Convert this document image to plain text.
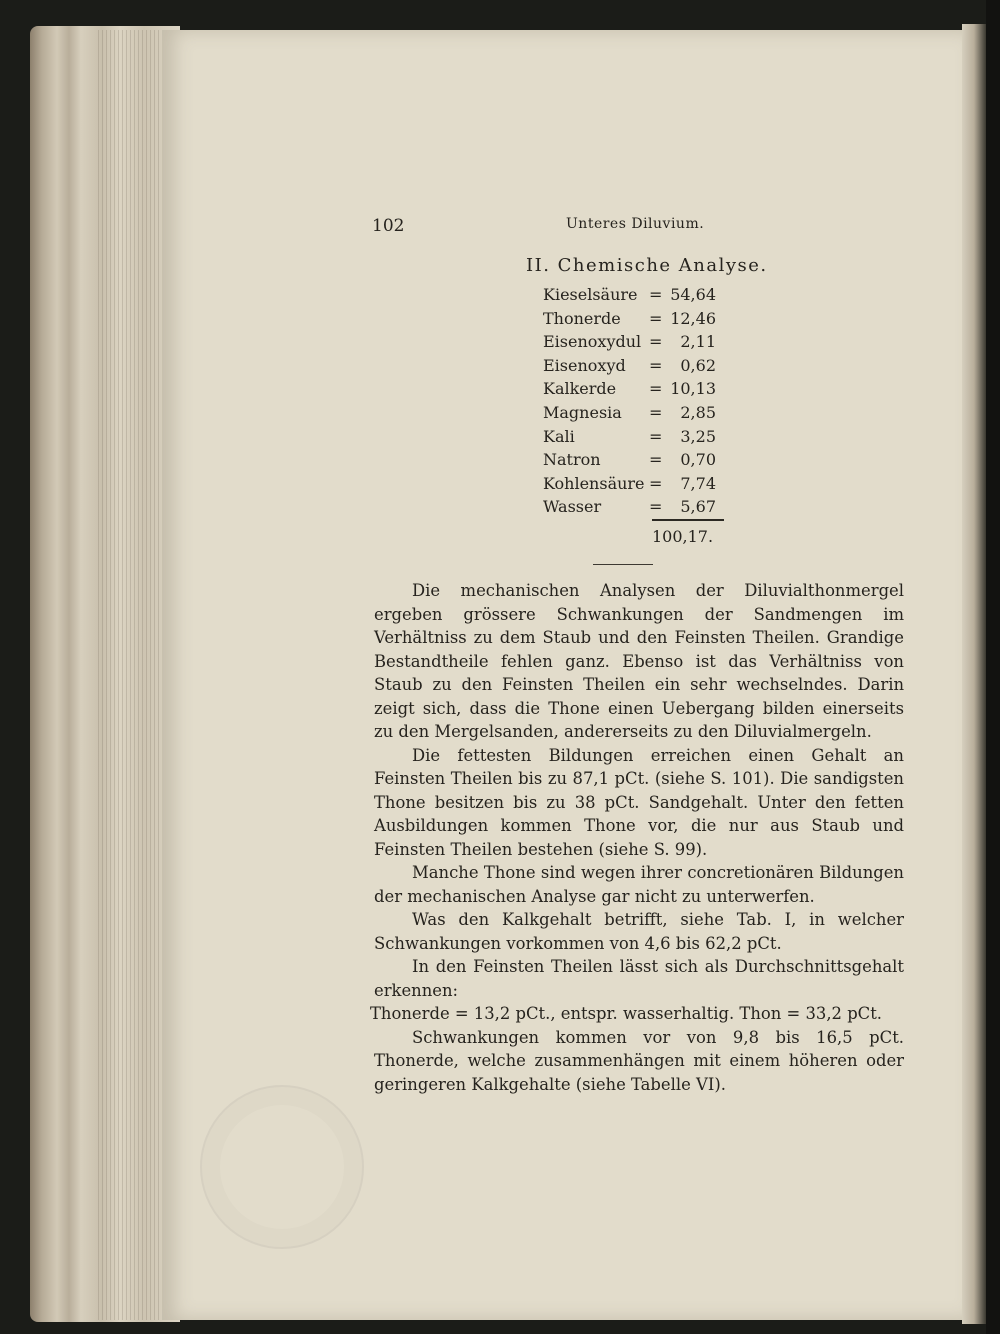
102	Unteres Diluvium.
II. Chemische Analyse.
Kieselsäure = 54,64
Thonerde = 12,46
Eisenoxydul = 2,11
Eisenoxyd = 0,62
Kalkerde = 10,13
Magnesia = 2,85
Kali	= 3,25
Natron	= 0,70
Kohlensäure = 7,74
Wasser	= 5,67
100,17.

Die mechanischen Analysen der Diluvialthonmergel ergeben grössere Schwankungen der Sandmengen im Verhältniss zu dem Staub und den Feinsten Theilen. Grandige Bestandtheile fehlen ganz. Ebenso ist das Verhältniss von Staub zu den Feinsten Theilen ein sehr wechselndes. Darin zeigt sich, dass die Thone einen Uebergang bilden einerseits zu den Mergelsanden, andererseits zu den Diluvialmergeln.

Die fettesten Bildungen erreichen einen Gehalt an Feinsten Theilen bis zu 87,1 pCt. (siehe S. 101). Die sandigsten Thone besitzen bis zu 38 pCt. Sandgehalt. Unter den fetten Ausbildungen kommen Thone vor, die nur aus Staub und Feinsten Theilen bestehen (siehe S. 99).

Manche Thone sind wegen ihrer concretionären Bildungen der mechanischen Analyse gar nicht zu unterwerfen.

Was den Kalkgehalt betrifft, siehe Tab. I, in welcher Schwankungen vorkommen von 4,6 bis 62,2 pCt.

In den Feinsten Theilen lässt sich als Durchschnittsgehalt erkennen:

Thonerde = 13,2 pCt., entspr. wasserhaltig. Thon = 33,2 pCt.

Schwankungen kommen vor von 9,8 bis 16,5 pCt. Thonerde, welche zusammenhängen mit einem höheren oder geringeren Kalkgehalte (siehe Tabelle VI).
